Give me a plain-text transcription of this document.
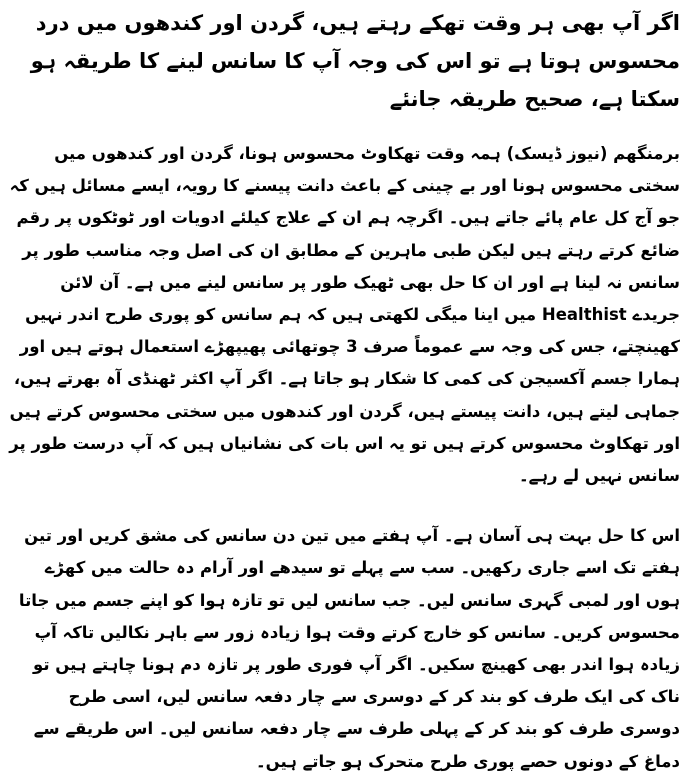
اگر آپ بھی ہر وقت تھکے رہتے ہیں، گردن اور کندھوں میں درد محسوس ہوتا ہے تو اس کی وجہ آپ کا سانس لینے کا طریقہ ہو سکتا ہے، صحیح طریقہ جانئے

برمنگھم (نیوز ڈیسک) ہمہ وقت تھکاوٹ محسوس ہونا، گردن اور کندھوں میں سختی محسوس ہونا اور بے چینی کے باعث دانت پیسنے کا رویہ، ایسے مسائل ہیں کہ جو آج کل عام پائے جاتے ہیں۔ اگرچہ ہم ان کے علاج کیلئے ادویات اور ٹوٹکوں پر رقم ضائع کرتے رہتے ہیں لیکن طبی ماہرین کے مطابق ان کی اصل وجہ مناسب طور پر سانس نہ لینا ہے اور ان کا حل بھی ٹھیک طور پر سانس لینے میں ہے۔ آن لائن جریدے Healthist میں اینا میگی لکھتی ہیں کہ ہم سانس کو پوری طرح اندر نہیں کھینچتے، جس کی وجہ سے عموماً صرف 3 چوتھائی پھیپھڑے استعمال ہوتے ہیں اور ہمارا جسم آکسیجن کی کمی کا شکار ہو جاتا ہے۔ اگر آپ اکثر ٹھنڈی آہ بھرتے ہیں، جماہی لیتے ہیں، دانت پیستے ہیں، گردن اور کندھوں میں سختی محسوس کرتے ہیں اور تھکاوٹ محسوس کرتے ہیں تو یہ اس بات کی نشانیاں ہیں کہ آپ درست طور پر سانس نہیں لے رہے۔

اس کا حل بہت ہی آسان ہے۔ آپ ہفتے میں تین دن سانس کی مشق کریں اور تین ہفتے تک اسے جاری رکھیں۔ سب سے پہلے تو سیدھے اور آرام دہ حالت میں کھڑے ہوں اور لمبی گہری سانس لیں۔ جب سانس لیں تو تازہ ہوا کو اپنے جسم میں جاتا محسوس کریں۔ سانس کو خارج کرتے وقت ہوا زیادہ زور سے باہر نکالیں تاکہ آپ زیادہ ہوا اندر بھی کھینچ سکیں۔ اگر آپ فوری طور پر تازہ دم ہونا چاہتے ہیں تو ناک کی ایک طرف کو بند کر کے دوسری سے چار دفعہ سانس لیں، اسی طرح دوسری طرف کو بند کر کے پہلی طرف سے چار دفعہ سانس لیں۔ اس طریقے سے دماغ کے دونوں حصے پوری طرح متحرک ہو جاتے ہیں۔
